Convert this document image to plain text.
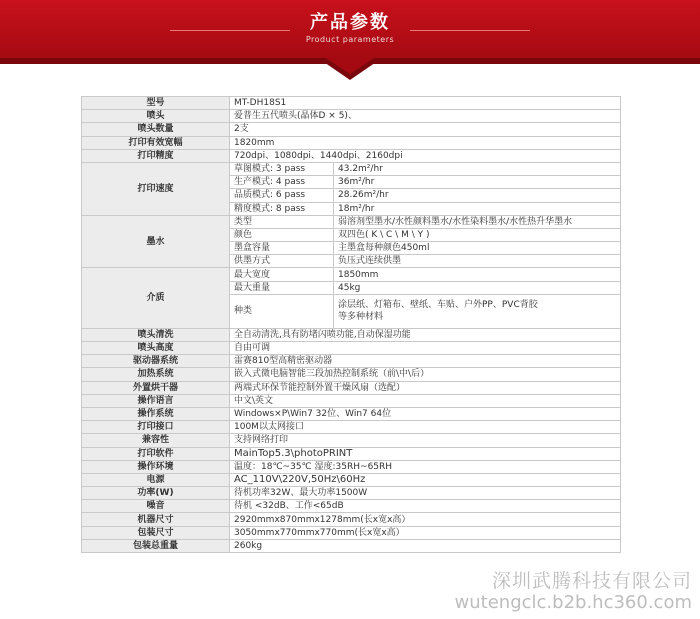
产品参数
Product parameters
型号	MT-DH18S1	
喷头	爱普生五代喷头(晶体D × 5)、	
喷头数量	2支	
打印有效宽幅	1820mm	
打印精度	720dpi、1080dpi、1440dpi、2160dpi	
打印速度	草图模式: 3 pass	43.2m²/hr
	生产模式: 4 pass	36m²/hr
	品质模式: 6 pass	28.26m²/hr
	精度模式: 8 pass	18m²/hr
墨水	类型	弱溶剂型墨水/水性颜料墨水/水性染料墨水/水性热升华墨水
	颜色	双四色( K \ C \ M \ Y )
	墨盒容量	主墨盒每种颜色450ml
	供墨方式	负压式连续供墨
介质	最大宽度	1850mm
	最大重量	45kg
	种类	涂层纸、灯箱布、壁纸、车贴、户外PP、PVC背胶
等多种材料

喷头清洗	全自动清洗,具有防堵闪喷功能,自动保湿功能	
喷头高度	自由可调	
驱动器系统	雷赛810型高精密驱动器	
加热系统	嵌入式微电脑智能三段加热控制系统（前\中\后）	
外置烘干器	两端式环保节能控制外置干燥风扇（选配）	
操作语言	中文\英文	
操作系统	Windows×P\Win7 32位、Win7 64位	
打印接口	100M以太网接口	
兼容性	支持网络打印	
打印软件	MainTop5.3\photoPRINT	
操作环境	温度：18℃~35℃ 湿度:35RH~65RH	
电源	AC_110V\220V,50Hz\60Hz	
功率(W)	待机功率32W、最大功率1500W	
噪音	待机 <32dB、工作<65dB	
机器尺寸	2920mmx870mmx1278mm(长x宽x高）	
包装尺寸	3050mmx770mmx770mm(长x宽x高）	
包装总重量	260kg	
深圳武腾科技有限公司
wutengclc.b2b.hc360.com
